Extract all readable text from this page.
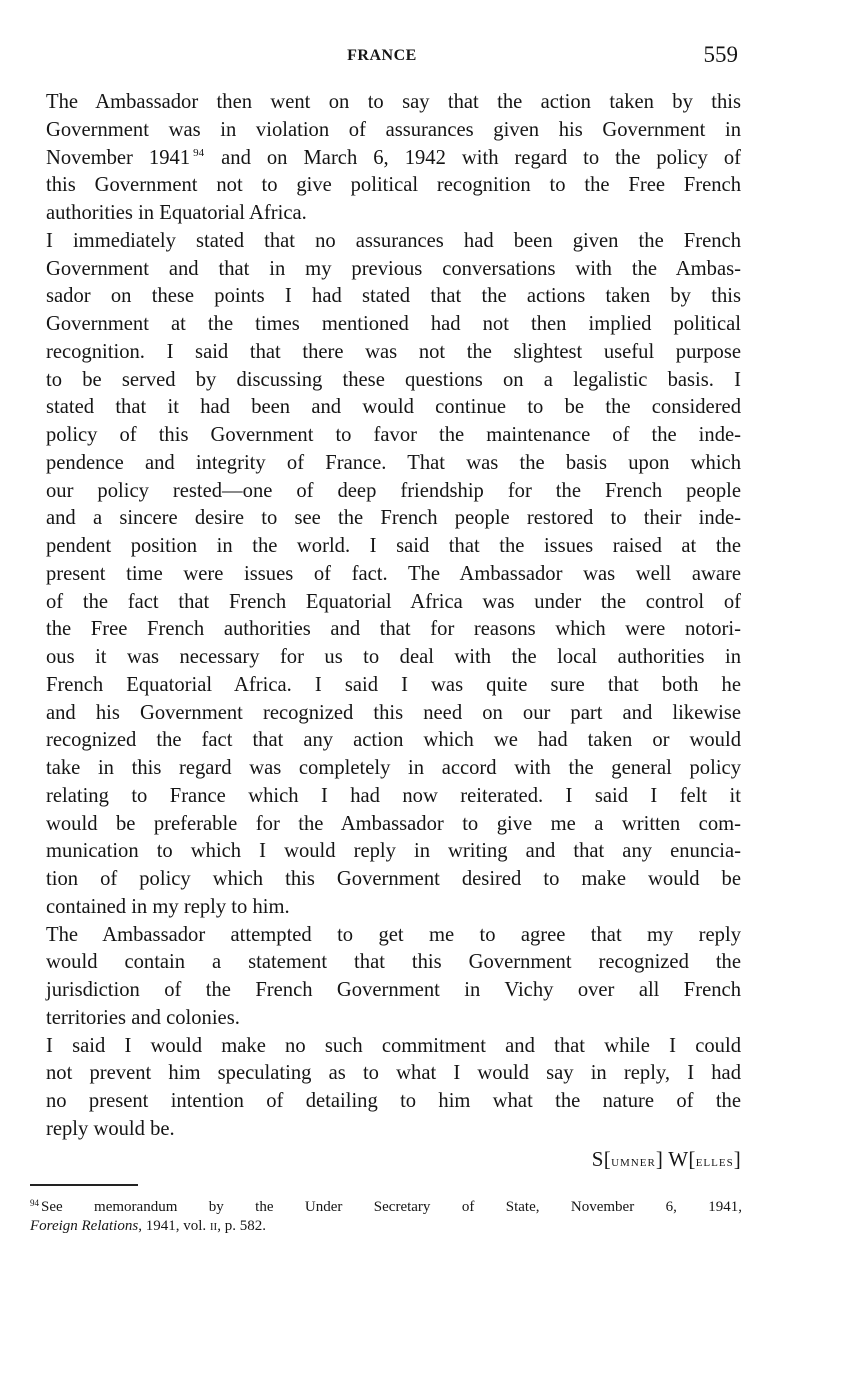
FRANCE	559

The Ambassador then went on to say that the action taken by this
Government was in violation of assurances given his Government in
November 1941 $^{94}$ and on March 6, 1942 with regard to the policy of
this Government not to give political recognition to the Free French
authorities in Equatorial Africa.

I immediately stated that no assurances had been given the French
Government and that in my previous conversations with the Ambas-
sador on these points I had stated that the actions taken by this
Government at the times mentioned had not then implied political
recognition. I said that there was not the slightest useful purpose
to be served by discussing these questions on a legalistic basis. I
stated that it had been and would continue to be the considered
policy of this Government to favor the maintenance of the inde-
pendence and integrity of France. That was the basis upon which
our policy rested—one of deep friendship for the French people
and a sincere desire to see the French people restored to their inde-
pendent position in the world. I said that the issues raised at the
present time were issues of fact. The Ambassador was well aware
of the fact that French Equatorial Africa was under the control of
the Free French authorities and that for reasons which were notori-
ous it was necessary for us to deal with the local authorities in
French Equatorial Africa. I said I was quite sure that both he
and his Government recognized this need on our part and likewise
recognized the fact that any action which we had taken or would
take in this regard was completely in accord with the general policy
relating to France which I had now reiterated. I said I felt it
would be preferable for the Ambassador to give me a written com-
munication to which I would reply in writing and that any enuncia-
tion of policy which this Government desired to make would be
contained in my reply to him.

The Ambassador attempted to get me to agree that my reply
would contain a statement that this Government recognized the
jurisdiction of the French Government in Vichy over all French
territories and colonies.

I said I would make no such commitment and that while I could
not prevent him speculating as to what I would say in reply, I had
no present intention of detailing to him what the nature of the
reply would be.

S[umner] W[elles]
$^{94}$ See memorandum by the Under Secretary of State, November 6, 1941,
Foreign Relations, 1941, vol. ii, p. 582.
